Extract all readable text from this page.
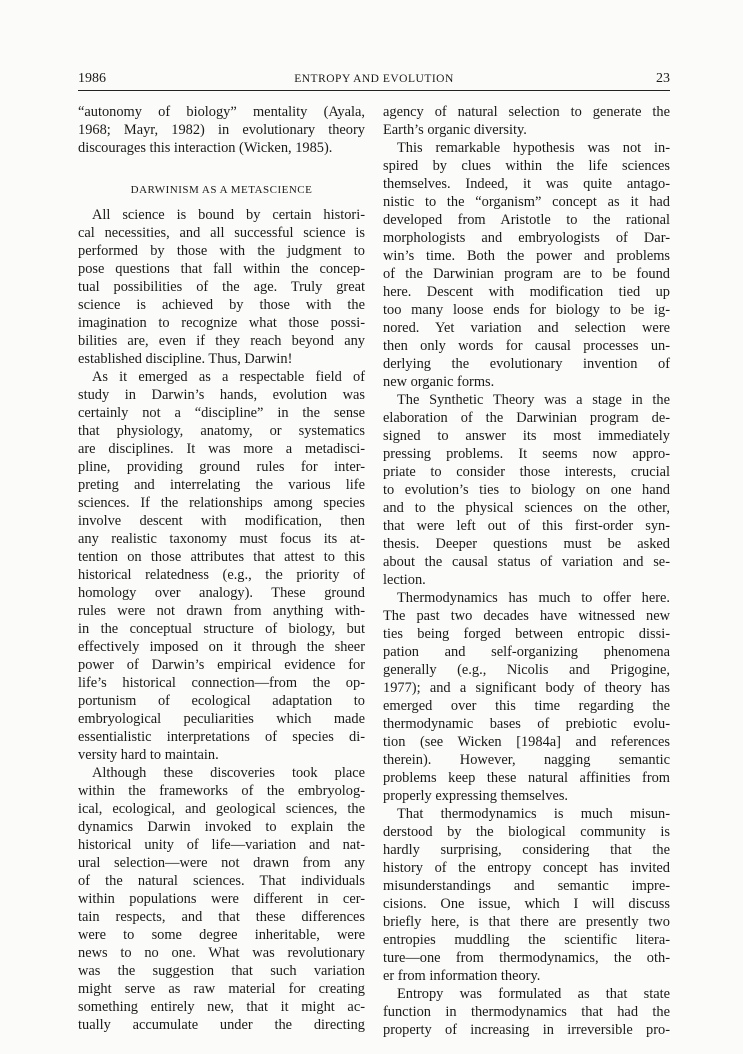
1986	ENTROPY AND EVOLUTION	23

“autonomy of biology” mentality (Ayala,

1968; Mayr, 1982) in evolutionary theory

discourages this interaction (Wicken, 1985).

DARWINISM AS A METASCIENCE

All science is bound by certain histori-

cal necessities, and all successful science is

performed by those with the judgment to

pose questions that fall within the concep-

tual possibilities of the age. Truly great

science is achieved by those with the

imagination to recognize what those possi-

bilities are, even if they reach beyond any

established discipline. Thus, Darwin!

As it emerged as a respectable field of

study in Darwin’s hands, evolution was

certainly not a “discipline” in the sense

that physiology, anatomy, or systematics

are disciplines. It was more a metadisci-

pline, providing ground rules for inter-

preting and interrelating the various life

sciences. If the relationships among species

involve descent with modification, then

any realistic taxonomy must focus its at-

tention on those attributes that attest to this

historical relatedness (e.g., the priority of

homology over analogy). These ground

rules were not drawn from anything with-

in the conceptual structure of biology, but

effectively imposed on it through the sheer

power of Darwin’s empirical evidence for

life’s historical connection—from the op-

portunism of ecological adaptation to

embryological peculiarities which made

essentialistic interpretations of species di-

versity hard to maintain.

Although these discoveries took place

within the frameworks of the embryolog-

ical, ecological, and geological sciences, the

dynamics Darwin invoked to explain the

historical unity of life—variation and nat-

ural selection—were not drawn from any

of the natural sciences. That individuals

within populations were different in cer-

tain respects, and that these differences

were to some degree inheritable, were

news to no one. What was revolutionary

was the suggestion that such variation

might serve as raw material for creating

something entirely new, that it might ac-

tually accumulate under the directing

agency of natural selection to generate the

Earth’s organic diversity.

This remarkable hypothesis was not in-

spired by clues within the life sciences

themselves. Indeed, it was quite antago-

nistic to the “organism” concept as it had

developed from Aristotle to the rational

morphologists and embryologists of Dar-

win’s time. Both the power and problems

of the Darwinian program are to be found

here. Descent with modification tied up

too many loose ends for biology to be ig-

nored. Yet variation and selection were

then only words for causal processes un-

derlying the evolutionary invention of

new organic forms.

The Synthetic Theory was a stage in the

elaboration of the Darwinian program de-

signed to answer its most immediately

pressing problems. It seems now appro-

priate to consider those interests, crucial

to evolution’s ties to biology on one hand

and to the physical sciences on the other,

that were left out of this first-order syn-

thesis. Deeper questions must be asked

about the causal status of variation and se-

lection.

Thermodynamics has much to offer here.

The past two decades have witnessed new

ties being forged between entropic dissi-

pation and self-organizing phenomena

generally (e.g., Nicolis and Prigogine,

1977); and a significant body of theory has

emerged over this time regarding the

thermodynamic bases of prebiotic evolu-

tion (see Wicken [1984a] and references

therein). However, nagging semantic

problems keep these natural affinities from

properly expressing themselves.

That thermodynamics is much misun-

derstood by the biological community is

hardly surprising, considering that the

history of the entropy concept has invited

misunderstandings and semantic impre-

cisions. One issue, which I will discuss

briefly here, is that there are presently two

entropies muddling the scientific litera-

ture—one from thermodynamics, the oth-

er from information theory.

Entropy was formulated as that state

function in thermodynamics that had the

property of increasing in irreversible pro-
